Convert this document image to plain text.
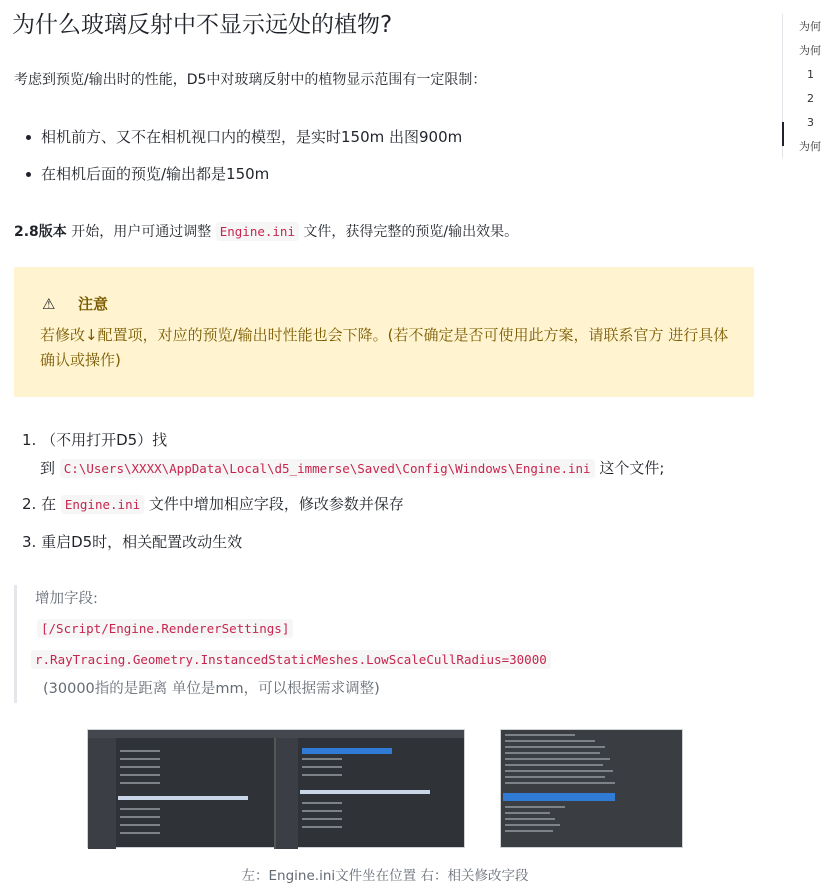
为什么玻璃反射中不显示远处的植物?

考虑到预览/输出时的性能，D5中对玻璃反射中的植物显示范围有一定限制：

相机前方、又不在相机视口内的模型，是实时150m 出图900m
在相机后面的预览/输出都是150m

2.8版本 开始，用户可通过调整 Engine.ini 文件，获得完整的预览/输出效果。

⚠ 注意
若修改↓配置项，对应的预览/输出时性能也会下降。(若不确定是否可使用此方案，请联系官方 进行具体确认或操作)
1. （不用打开D5）找
到 C:\Users\XXXX\AppData\Local\d5_immerse\Saved\Config\Windows\Engine.ini 这个文件;
2. 在 Engine.ini 文件中增加相应字段，修改参数并保存
3. 重启D5时，相关配置改动生效
增加字段:
[/Script/Engine.RendererSettings]
r.RayTracing.Geometry.InstancedStaticMeshes.LowScaleCullRadius=30000
(30000指的是距离 单位是mm，可以根据需求调整)
左：Engine.ini文件坐在位置 右：相关修改字段
为何
为何
1
2
3
为何
